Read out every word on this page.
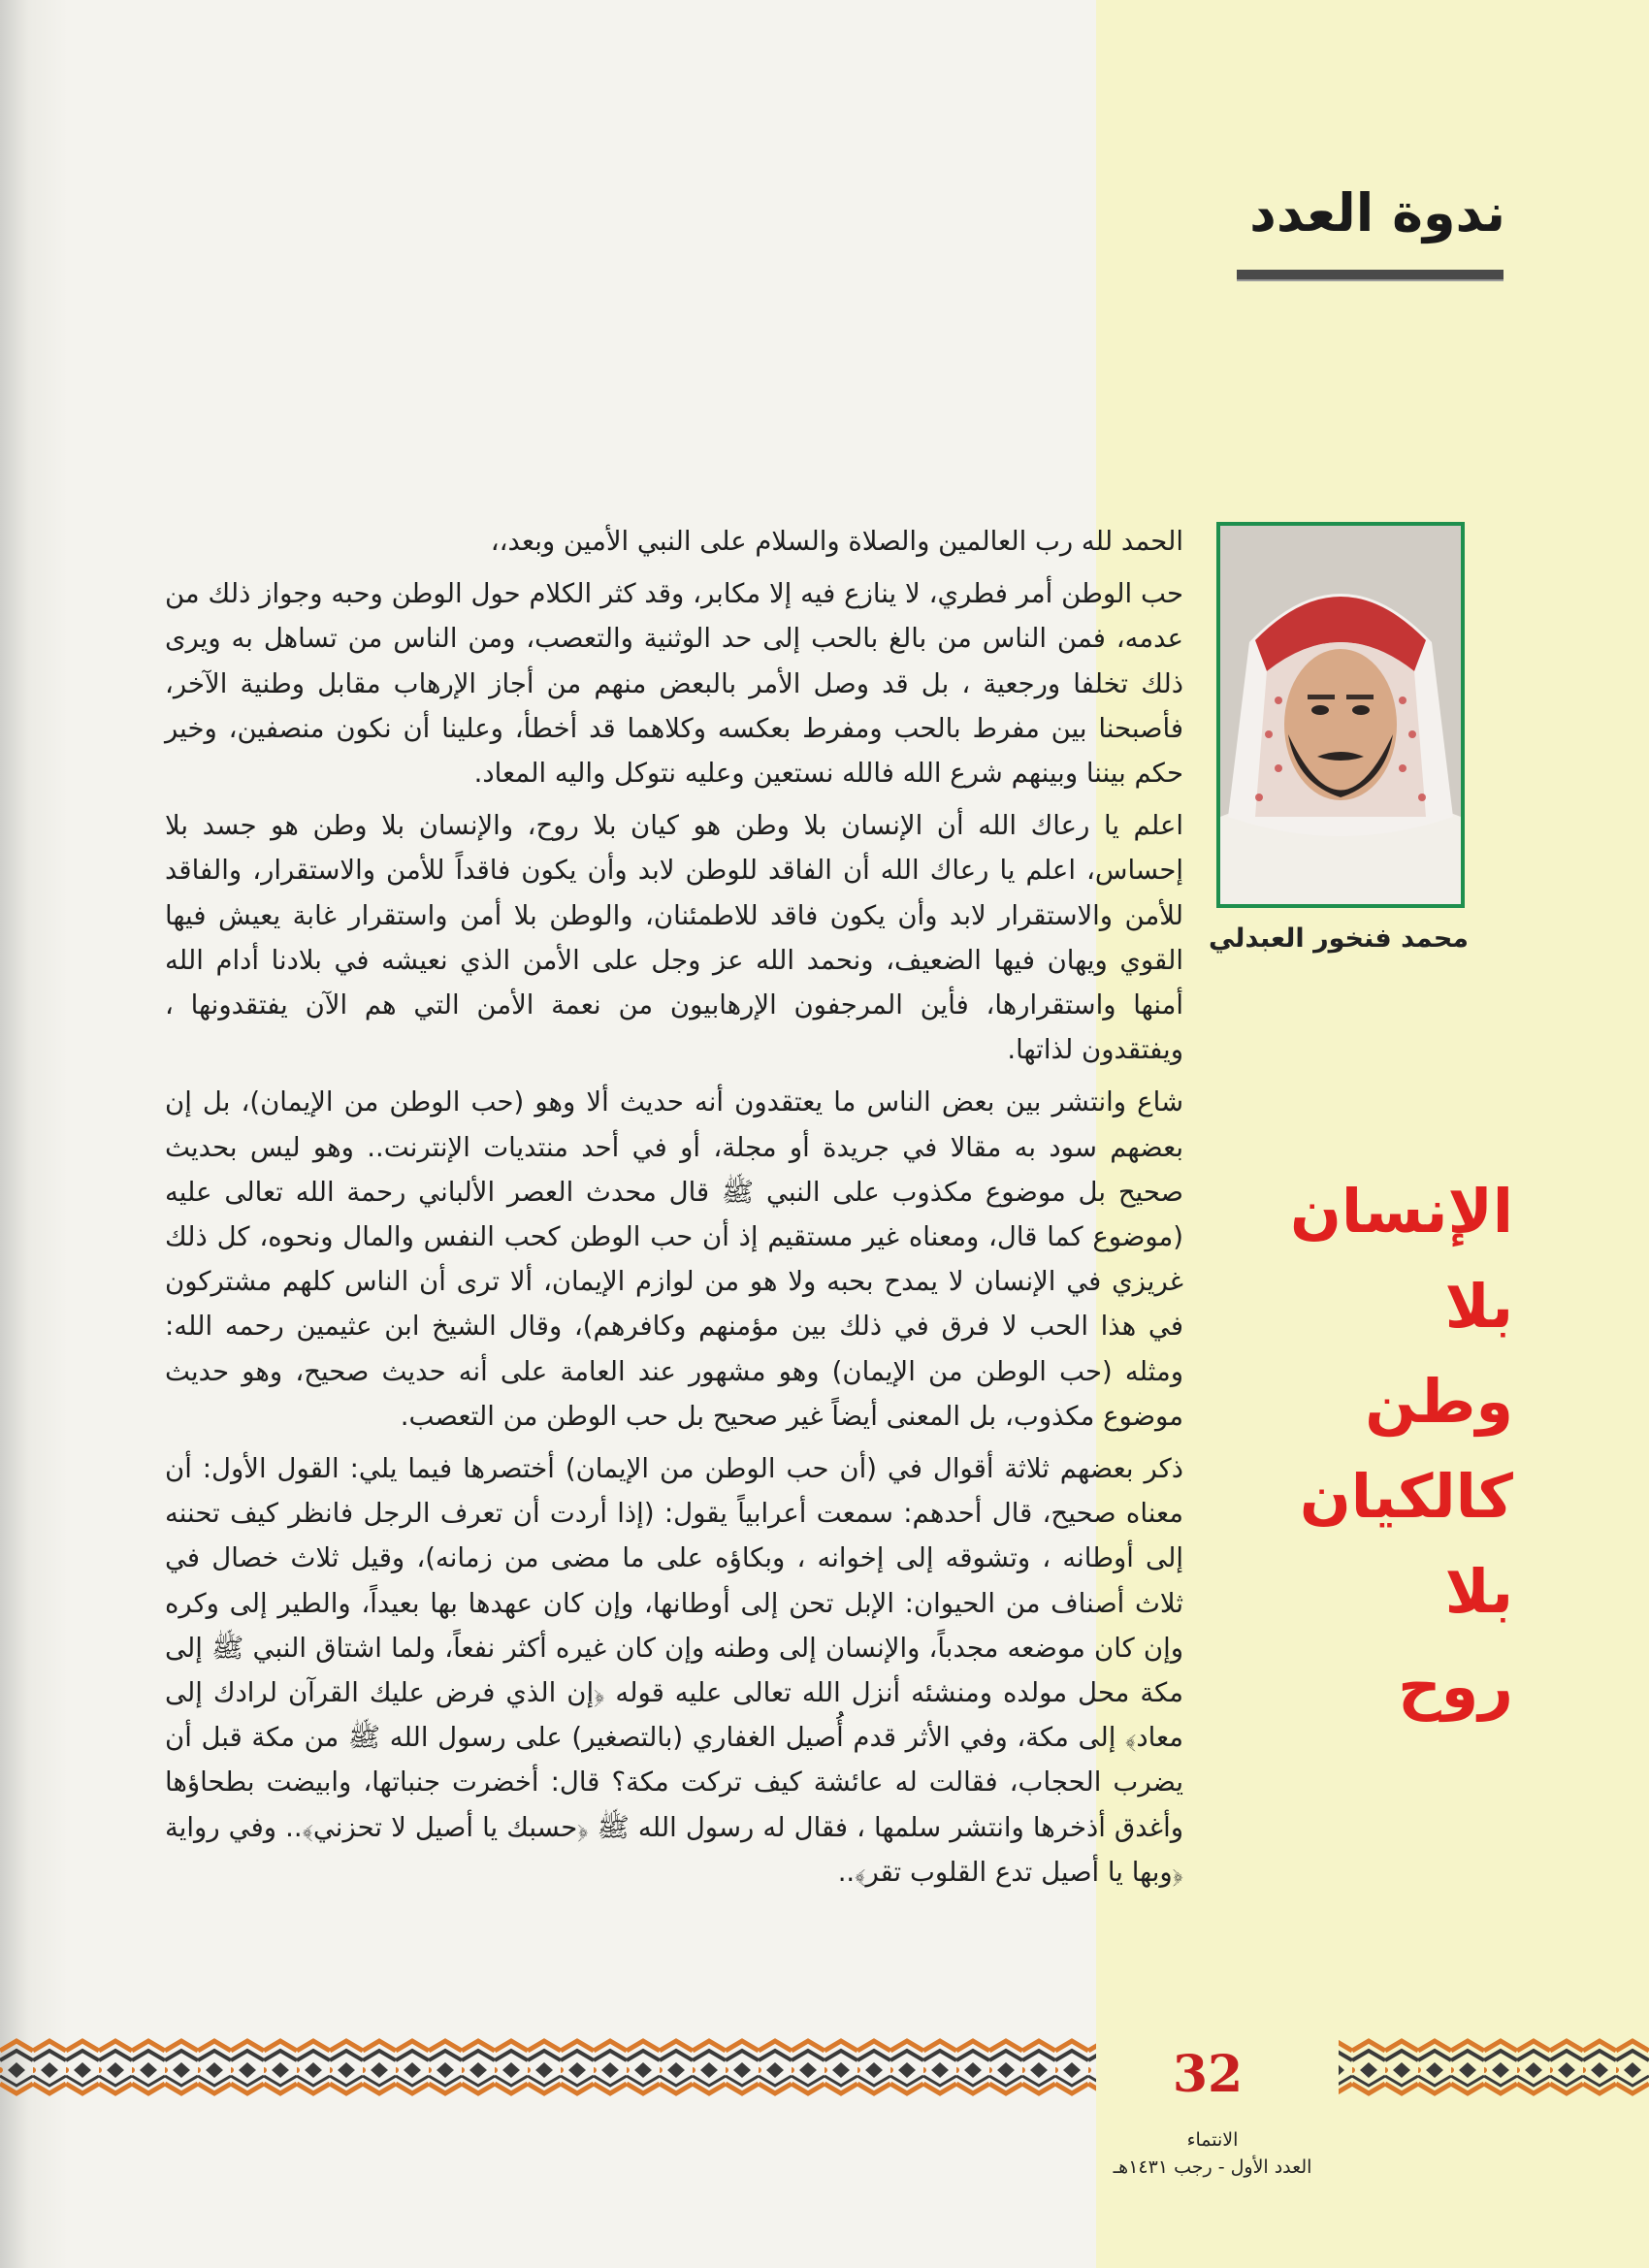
ندوة العدد
محمد فنخور العبدلي
الإنسان
بلا وطن
كالكيان
بلا روح

الحمد لله رب العالمين والصلاة والسلام على النبي الأمين وبعد،،

حب الوطن أمر فطري، لا ينازع فيه إلا مكابر، وقد كثر الكلام حول الوطن وحبه وجواز ذلك من عدمه، فمن الناس من بالغ بالحب إلى حد الوثنية والتعصب، ومن الناس من تساهل به ويرى ذلك تخلفا ورجعية ، بل قد وصل الأمر بالبعض منهم من أجاز الإرهاب مقابل وطنية الآخر، فأصبحنا بين مفرط بالحب ومفرط بعكسه وكلاهما قد أخطأ، وعلينا أن نكون منصفين، وخير حكم بيننا وبينهم شرع الله فالله نستعين وعليه نتوكل واليه المعاد.

اعلم يا رعاك الله أن الإنسان بلا وطن هو كيان بلا روح، والإنسان بلا وطن هو جسد بلا إحساس، اعلم يا رعاك الله أن الفاقد للوطن لابد وأن يكون فاقداً للأمن والاستقرار، والفاقد للأمن والاستقرار لابد وأن يكون فاقد للاطمئنان، والوطن بلا أمن واستقرار غابة يعيش فيها القوي ويهان فيها الضعيف، ونحمد الله عز وجل على الأمن الذي نعيشه في بلادنا أدام الله أمنها واستقرارها، فأين المرجفون الإرهابيون من نعمة الأمن التي هم الآن يفتقدونها ، ويفتقدون لذاتها.

شاع وانتشر بين بعض الناس ما يعتقدون أنه حديث ألا وهو (حب الوطن من الإيمان)، بل إن بعضهم سود به مقالا في جريدة أو مجلة، أو في أحد منتديات الإنترنت.. وهو ليس بحديث صحيح بل موضوع مكذوب على النبي ﷺ قال محدث العصر الألباني رحمة الله تعالى عليه (موضوع كما قال، ومعناه غير مستقيم إذ أن حب الوطن كحب النفس والمال ونحوه، كل ذلك غريزي في الإنسان لا يمدح بحبه ولا هو من لوازم الإيمان، ألا ترى أن الناس كلهم مشتركون في هذا الحب لا فرق في ذلك بين مؤمنهم وكافرهم)، وقال الشيخ ابن عثيمين رحمه الله: ومثله (حب الوطن من الإيمان) وهو مشهور عند العامة على أنه حديث صحيح، وهو حديث موضوع مكذوب، بل المعنى أيضاً غير صحيح بل حب الوطن من التعصب.

ذكر بعضهم ثلاثة أقوال في (أن حب الوطن من الإيمان) أختصرها فيما يلي: القول الأول: أن معناه صحيح، قال أحدهم: سمعت أعرابياً يقول: (إذا أردت أن تعرف الرجل فانظر كيف تحننه إلى أوطانه ، وتشوقه إلى إخوانه ، وبكاؤه على ما مضى من زمانه)، وقيل ثلاث خصال في ثلاث أصناف من الحيوان: الإبل تحن إلى أوطانها، وإن كان عهدها بها بعيداً، والطير إلى وكره وإن كان موضعه مجدباً، والإنسان إلى وطنه وإن كان غيره أكثر نفعاً، ولما اشتاق النبي ﷺ إلى مكة محل مولده ومنشئه أنزل الله تعالى عليه قوله ﴿إن الذي فرض عليك القرآن لرادك إلى معاد﴾ إلى مكة، وفي الأثر قدم أُصيل الغفاري (بالتصغير) على رسول الله ﷺ من مكة قبل أن يضرب الحجاب، فقالت له عائشة كيف تركت مكة؟ قال: أخضرت جنباتها، وابيضت بطحاؤها وأغدق أذخرها وانتشر سلمها ، فقال له رسول الله ﷺ ﴿حسبك يا أصيل لا تحزني﴾.. وفي رواية ﴿وبها يا أصيل تدع القلوب تقر﴾..

32
الانتماء
العدد الأول - رجب ١٤٣١هـ
